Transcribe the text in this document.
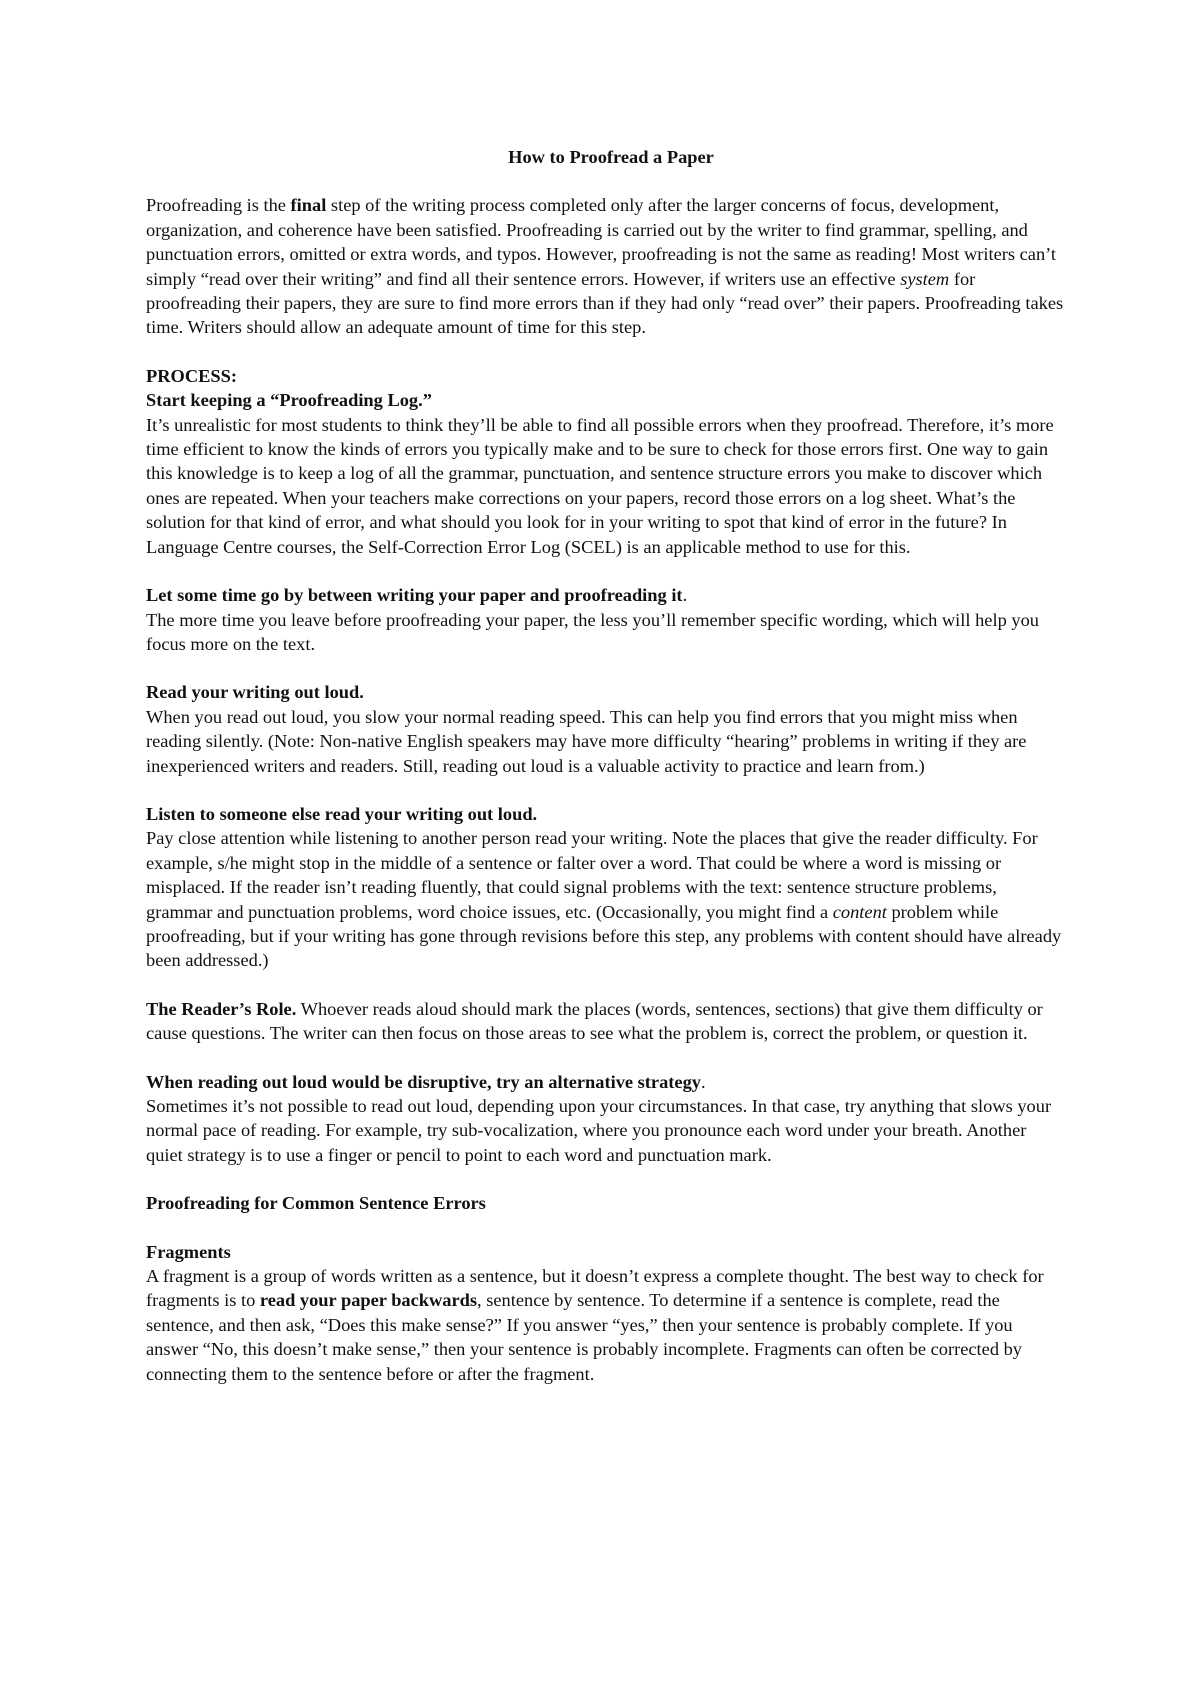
How to Proofread a Paper

Proofreading is the final step of the writing process completed only after the larger concerns of focus, development, organization, and coherence have been satisfied. Proofreading is carried out by the writer to find grammar, spelling, and punctuation errors, omitted or extra words, and typos. However, proofreading is not the same as reading! Most writers can’t simply “read over their writing” and find all their sentence errors. However, if writers use an effective system for proofreading their papers, they are sure to find more errors than if they had only “read over” their papers. Proofreading takes time. Writers should allow an adequate amount of time for this step.

PROCESS:

Start keeping a “Proofreading Log.”

It’s unrealistic for most students to think they’ll be able to find all possible errors when they proofread. Therefore, it’s more time efficient to know the kinds of errors you typically make and to be sure to check for those errors first. One way to gain this knowledge is to keep a log of all the grammar, punctuation, and sentence structure errors you make to discover which ones are repeated. When your teachers make corrections on your papers, record those errors on a log sheet. What’s the solution for that kind of error, and what should you look for in your writing to spot that kind of error in the future? In Language Centre courses, the Self-Correction Error Log (SCEL) is an applicable method to use for this.

Let some time go by between writing your paper and proofreading it.

The more time you leave before proofreading your paper, the less you’ll remember specific wording, which will help you focus more on the text.

Read your writing out loud.

When you read out loud, you slow your normal reading speed. This can help you find errors that you might miss when reading silently. (Note: Non-native English speakers may have more difficulty “hearing” problems in writing if they are inexperienced writers and readers. Still, reading out loud is a valuable activity to practice and learn from.)

Listen to someone else read your writing out loud.

Pay close attention while listening to another person read your writing. Note the places that give the reader difficulty. For example, s/he might stop in the middle of a sentence or falter over a word. That could be where a word is missing or misplaced. If the reader isn’t reading fluently, that could signal problems with the text: sentence structure problems, grammar and punctuation problems, word choice issues, etc. (Occasionally, you might find a content problem while proofreading, but if your writing has gone through revisions before this step, any problems with content should have already been addressed.)

The Reader’s Role. Whoever reads aloud should mark the places (words, sentences, sections) that give them difficulty or cause questions. The writer can then focus on those areas to see what the problem is, correct the problem, or question it.

When reading out loud would be disruptive, try an alternative strategy.

Sometimes it’s not possible to read out loud, depending upon your circumstances. In that case, try anything that slows your normal pace of reading. For example, try sub-vocalization, where you pronounce each word under your breath. Another quiet strategy is to use a finger or pencil to point to each word and punctuation mark.

Proofreading for Common Sentence Errors

Fragments

A fragment is a group of words written as a sentence, but it doesn’t express a complete thought. The best way to check for fragments is to read your paper backwards, sentence by sentence. To determine if a sentence is complete, read the sentence, and then ask, “Does this make sense?” If you answer “yes,” then your sentence is probably complete. If you answer “No, this doesn’t make sense,” then your sentence is probably incomplete. Fragments can often be corrected by connecting them to the sentence before or after the fragment.
